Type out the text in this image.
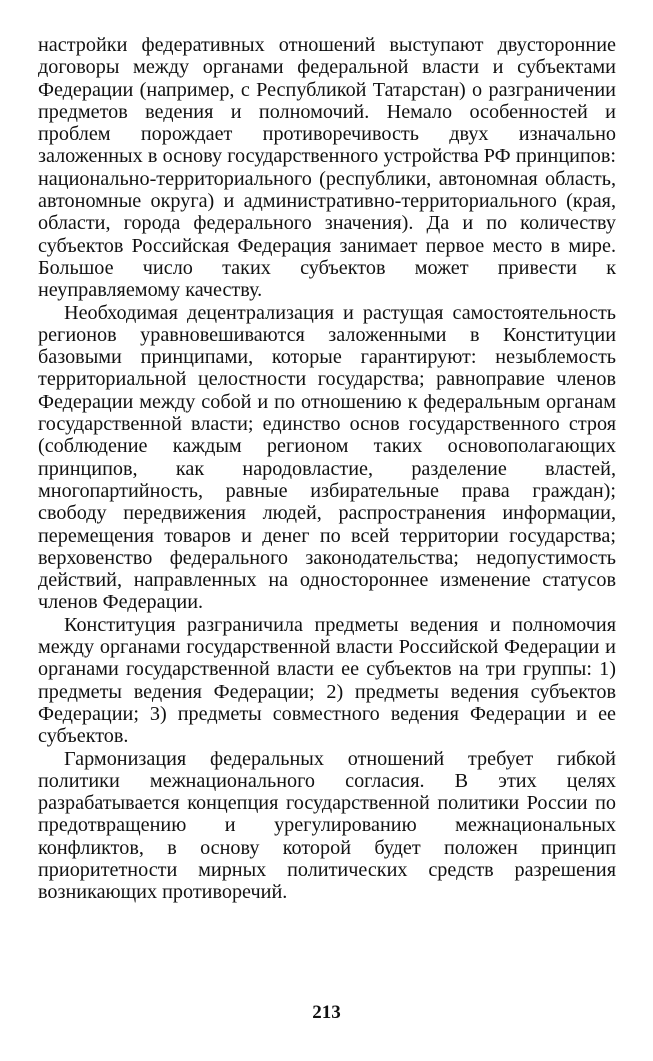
настройки федеративных отношений выступают двусторонние договоры между органами федеральной власти и субъектами Федерации (например, с Республикой Татарстан) о разграничении предметов ведения и полномочий. Немало особенностей и проблем порождает противоречивость двух изначально заложенных в основу государственного устройства РФ принципов: национально-территориального (республики, автономная область, автономные округа) и административно-территориального (края, области, города федерального значения). Да и по количеству субъектов Российская Федерация занимает первое место в мире. Большое число таких субъектов может привести к неуправляемому качеству.

Необходимая децентрализация и растущая самостоятельность регионов уравновешиваются заложенными в Конституции базовыми принципами, которые гарантируют: незыблемость территориальной целостности государства; равноправие членов Федерации между собой и по отношению к федеральным органам государственной власти; единство основ государственного строя (соблюдение каждым регионом таких основополагающих принципов, как народовластие, разделение властей, многопартийность, равные избирательные права граждан); свободу передвижения людей, распространения информации, перемещения товаров и денег по всей территории государства; верховенство федерального законодательства; недопустимость действий, направленных на одностороннее изменение статусов членов Федерации.

Конституция разграничила предметы ведения и полномочия между органами государственной власти Российской Федерации и органами государственной власти ее субъектов на три группы: 1) предметы ведения Федерации; 2) предметы ведения субъектов Федерации; 3) предметы совместного ведения Федерации и ее субъектов.

Гармонизация федеральных отношений требует гибкой политики межнационального согласия. В этих целях разрабатывается концепция государственной политики России по предотвращению и урегулированию межнациональных конфликтов, в основу которой будет положен принцип приоритетности мирных политических средств разрешения возникающих противоречий.

213
